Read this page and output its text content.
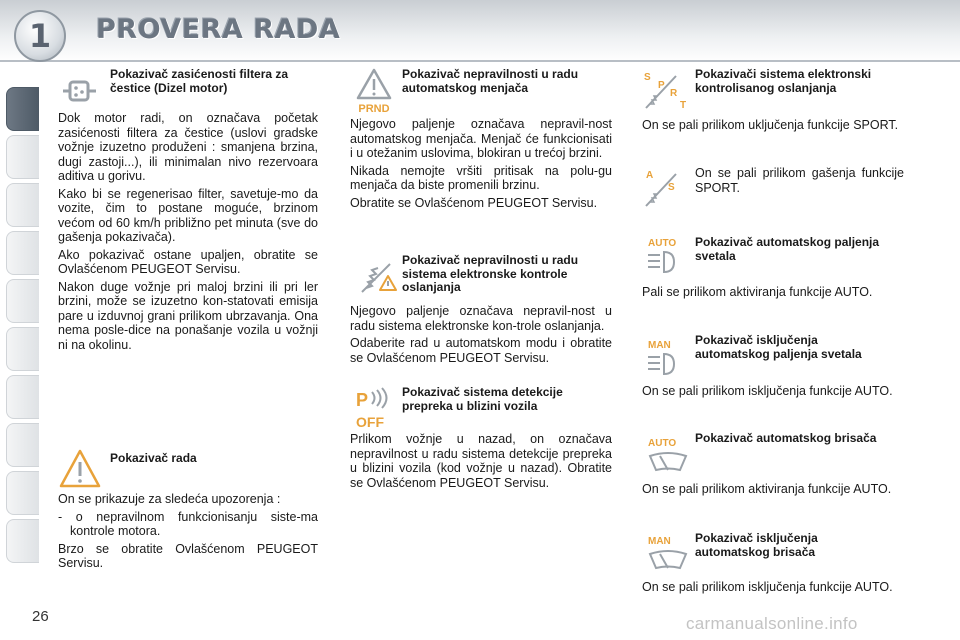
1	PROVERA RADA
Pokazivač zasićenosti filtera za čestice (Dizel motor)

Dok motor radi, on označava početak zasićenosti filtera za čestice (uslovi gradske vožnje izuzetno produženi : smanjena brzina, dugi zastoji...), ili minimalan nivo rezervoara aditiva u gorivu.

Kako bi se regenerisao filter, savetuje-mo da vozite, čim to postane moguće, brzinom većom od 60 km/h približno pet minuta (sve do gašenja pokazivača).

Ako pokazivač ostane upaljen, obratite se Ovlašćenom PEUGEOT Servisu.

Nakon duge vožnje pri maloj brzini ili pri ler brzini, može se izuzetno kon-statovati emisija pare u izduvnoj grani prilikom ubrzavanja. Ona nema posle-dice na ponašanje vozila u vožnji ni na okolinu.

Pokazivač rada

On se prikazuje za sledeća upozorenja :

- o nepravilnom funkcionisanju siste-ma kontrole motora.

Brzo se obratite Ovlašćenom PEUGEOT Servisu.

PRND
Pokazivač nepravilnosti u radu automatskog menjača

Njegovo paljenje označava nepravil-nost automatskog menjača. Menjač će funkcionisati i u otežanim uslovima, blokiran u trećoj brzini.

Nikada nemojte vršiti pritisak na polu-gu menjača da biste promenili brzinu.

Obratite se Ovlašćenom PEUGEOT Servisu.

Pokazivač nepravilnosti u radu sistema elektronske kontrole oslanjanja

Njegovo paljenje označava nepravil-nost u radu sistema elektronske kon-trole oslanjanja.

Odaberite rad u automatskom modu i obratite se Ovlašćenom PEUGEOT Servisu.

P
OFF
Pokazivač sistema detekcije prepreka u blizini vozila

Prlikom vožnje u nazad, on označava nepravilnost u radu sistema detekcije prepreka u blizini vozila (kod vožnje u nazad). Obratite se Ovlašćenom PEUGEOT Servisu.

S
P
R
T
Pokazivači sistema elektronski kontrolisanog oslanjanja

On se pali prilikom uključenja funkcije SPORT.

A
S

On se pali prilikom gašenja funkcije SPORT.

AUTO Pokazivač automatskog paljenja svetala

Pali se prilikom aktiviranja funkcije AUTO.

MAN Pokazivač isključenja automatskog paljenja svetala

On se pali prilikom isključenja funkcije AUTO.

AUTO Pokazivač automatskog brisača

On se pali prilikom aktiviranja funkcije AUTO.

MAN Pokazivač isključenja automatskog brisača

On se pali prilikom isključenja funkcije AUTO.

26	carmanualsonline.info
